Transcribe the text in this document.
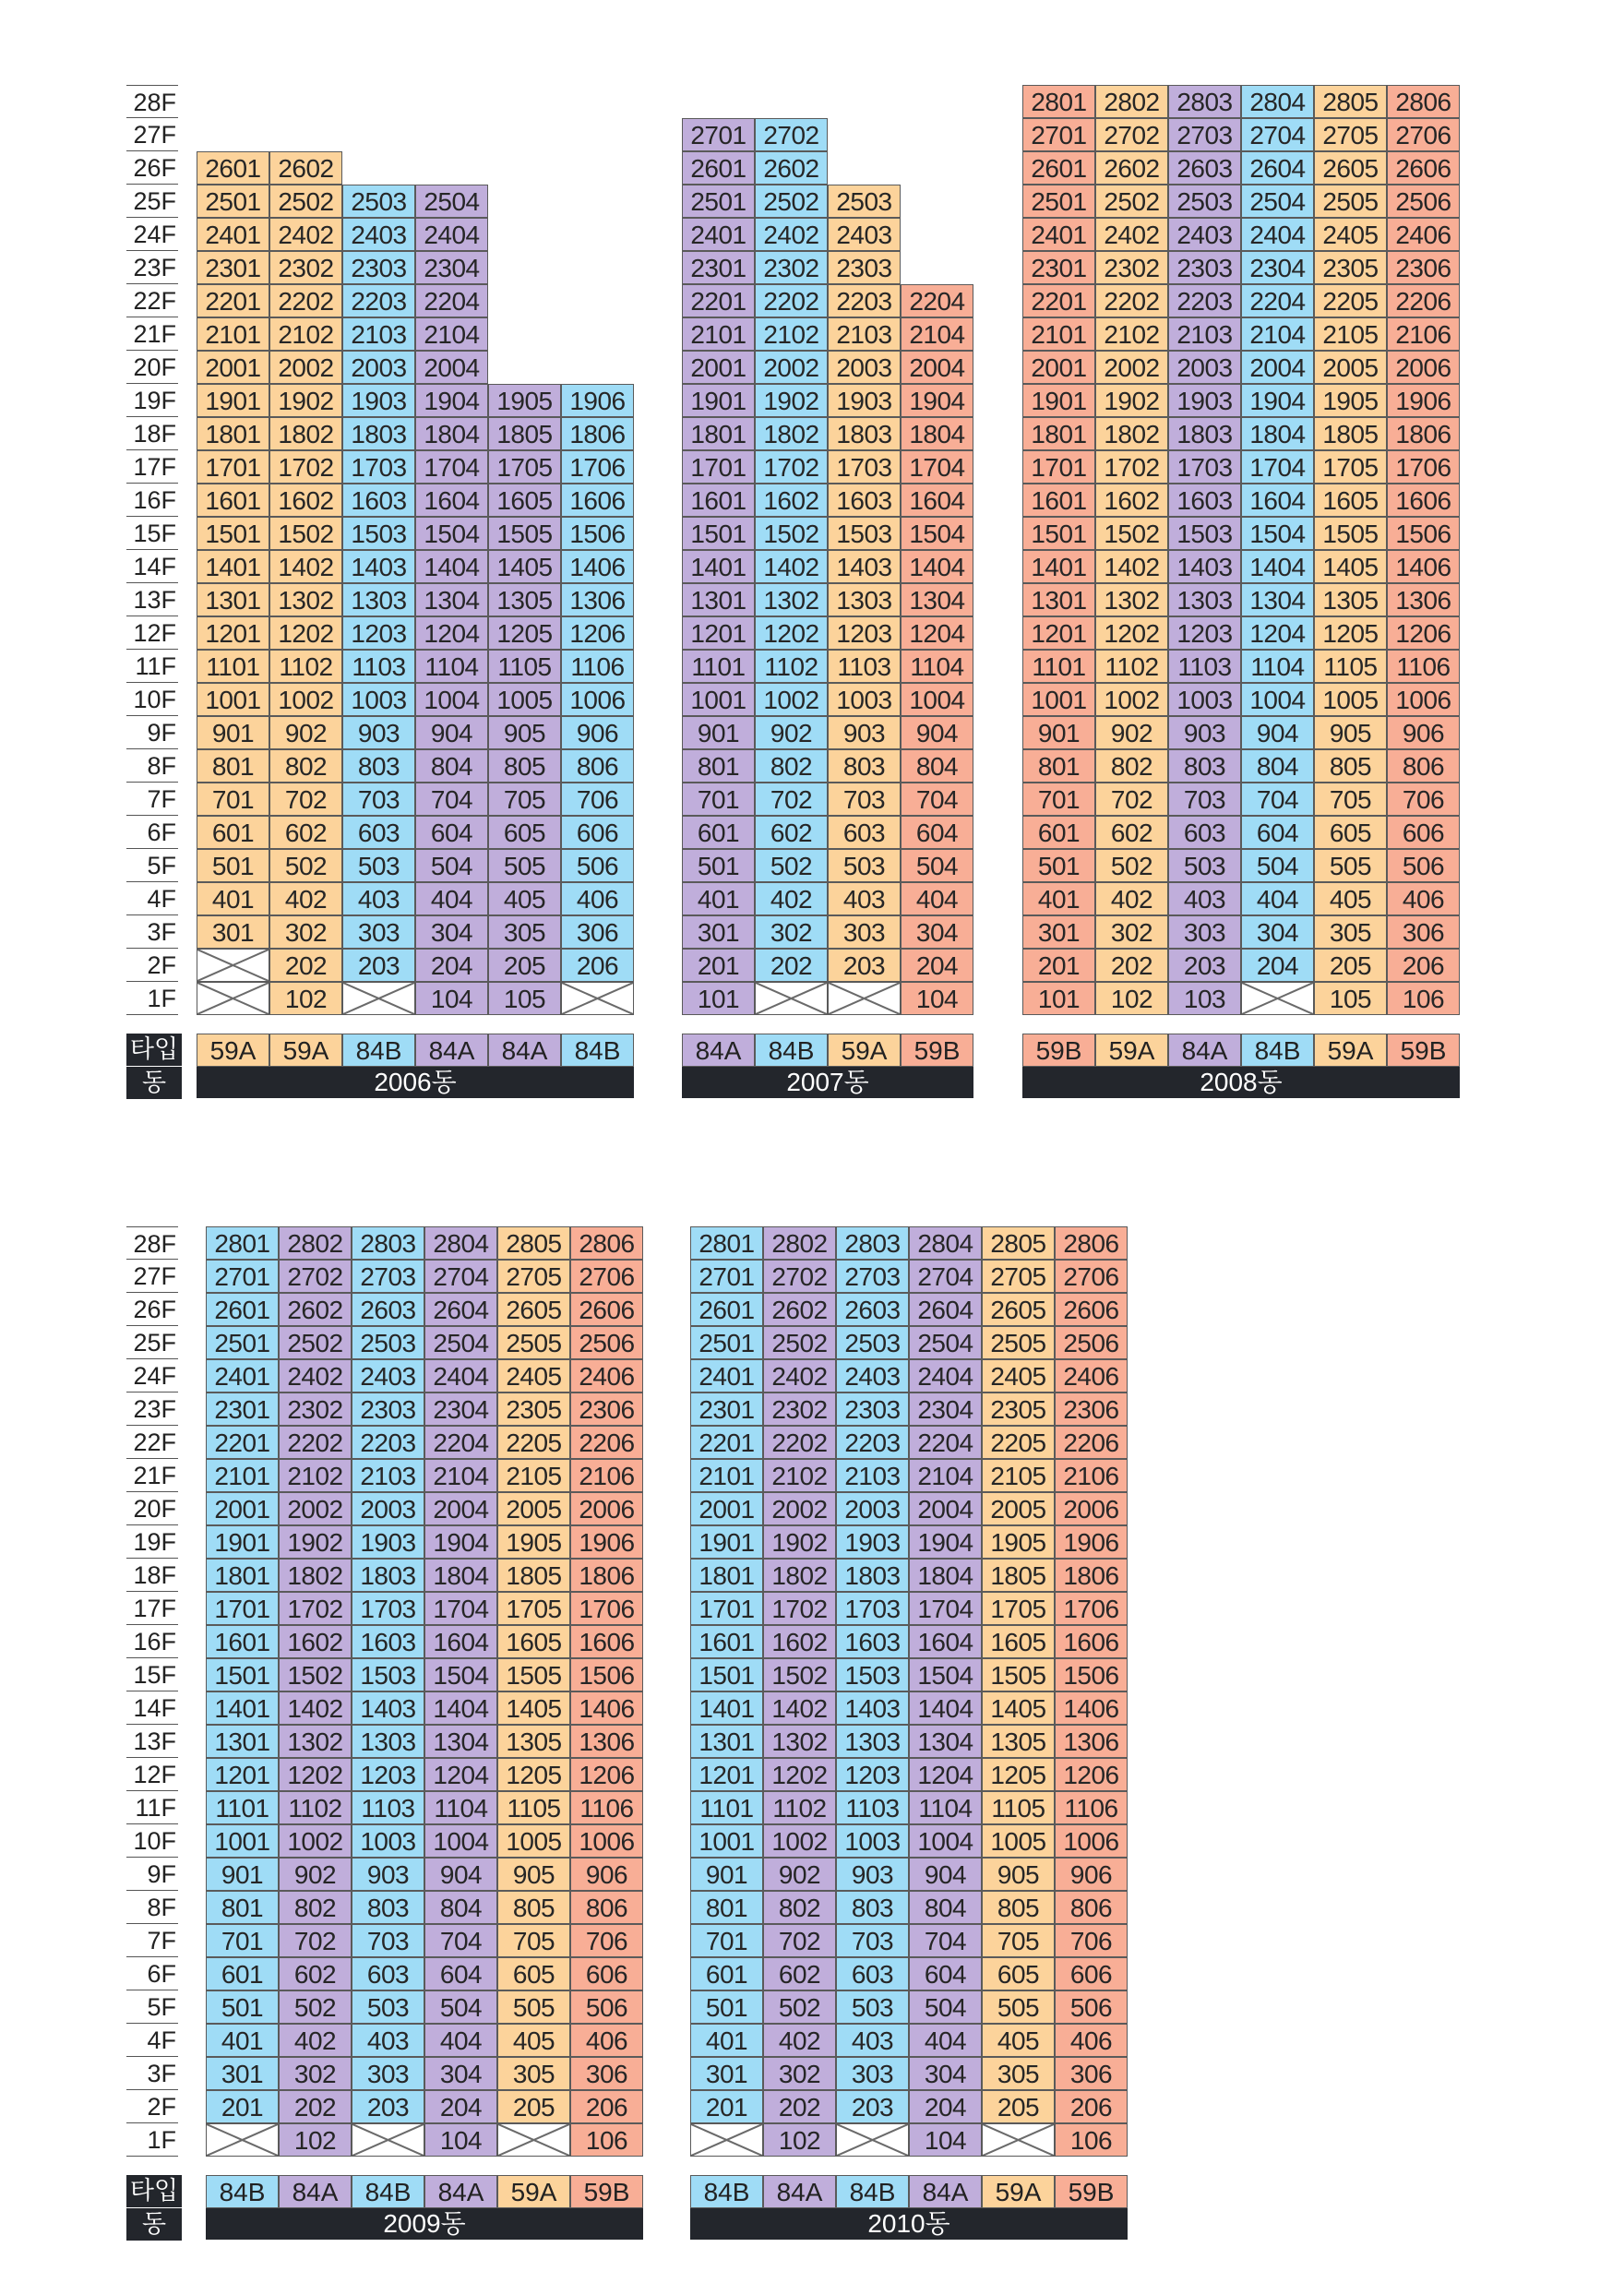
28F
27F
26F
25F
24F
23F
22F
21F
20F
19F
18F
17F
16F
15F
14F
13F
12F
11F
10F
9F
8F
7F
6F
5F
4F
3F
2F
1F
타입
동
2601
2501
2401
2301
2201
2101
2001
1901
1801
1701
1601
1501
1401
1301
1201
1101
1001
901
801
701
601
501
401
301
59A
2602
2502
2402
2302
2202
2102
2002
1902
1802
1702
1602
1502
1402
1302
1202
1102
1002
902
802
702
602
502
402
302
202
102
59A
2503
2403
2303
2203
2103
2003
1903
1803
1703
1603
1503
1403
1303
1203
1103
1003
903
803
703
603
503
403
303
203
84B
2504
2404
2304
2204
2104
2004
1904
1804
1704
1604
1504
1404
1304
1204
1104
1004
904
804
704
604
504
404
304
204
104
84A
1905
1805
1705
1605
1505
1405
1305
1205
1105
1005
905
805
705
605
505
405
305
205
105
84A
1906
1806
1706
1606
1506
1406
1306
1206
1106
1006
906
806
706
606
506
406
306
206
84B
2006동
2701
2601
2501
2401
2301
2201
2101
2001
1901
1801
1701
1601
1501
1401
1301
1201
1101
1001
901
801
701
601
501
401
301
201
101
84A
2702
2602
2502
2402
2302
2202
2102
2002
1902
1802
1702
1602
1502
1402
1302
1202
1102
1002
902
802
702
602
502
402
302
202
84B
2503
2403
2303
2203
2103
2003
1903
1803
1703
1603
1503
1403
1303
1203
1103
1003
903
803
703
603
503
403
303
203
59A
2204
2104
2004
1904
1804
1704
1604
1504
1404
1304
1204
1104
1004
904
804
704
604
504
404
304
204
104
59B
2007동
2801
2701
2601
2501
2401
2301
2201
2101
2001
1901
1801
1701
1601
1501
1401
1301
1201
1101
1001
901
801
701
601
501
401
301
201
101
59B
2802
2702
2602
2502
2402
2302
2202
2102
2002
1902
1802
1702
1602
1502
1402
1302
1202
1102
1002
902
802
702
602
502
402
302
202
102
59A
2803
2703
2603
2503
2403
2303
2203
2103
2003
1903
1803
1703
1603
1503
1403
1303
1203
1103
1003
903
803
703
603
503
403
303
203
103
84A
2804
2704
2604
2504
2404
2304
2204
2104
2004
1904
1804
1704
1604
1504
1404
1304
1204
1104
1004
904
804
704
604
504
404
304
204
84B
2805
2705
2605
2505
2405
2305
2205
2105
2005
1905
1805
1705
1605
1505
1405
1305
1205
1105
1005
905
805
705
605
505
405
305
205
105
59A
2806
2706
2606
2506
2406
2306
2206
2106
2006
1906
1806
1706
1606
1506
1406
1306
1206
1106
1006
906
806
706
606
506
406
306
206
106
59B
2008동
28F
27F
26F
25F
24F
23F
22F
21F
20F
19F
18F
17F
16F
15F
14F
13F
12F
11F
10F
9F
8F
7F
6F
5F
4F
3F
2F
1F
타입
동
2801
2701
2601
2501
2401
2301
2201
2101
2001
1901
1801
1701
1601
1501
1401
1301
1201
1101
1001
901
801
701
601
501
401
301
201
84B
2802
2702
2602
2502
2402
2302
2202
2102
2002
1902
1802
1702
1602
1502
1402
1302
1202
1102
1002
902
802
702
602
502
402
302
202
102
84A
2803
2703
2603
2503
2403
2303
2203
2103
2003
1903
1803
1703
1603
1503
1403
1303
1203
1103
1003
903
803
703
603
503
403
303
203
84B
2804
2704
2604
2504
2404
2304
2204
2104
2004
1904
1804
1704
1604
1504
1404
1304
1204
1104
1004
904
804
704
604
504
404
304
204
104
84A
2805
2705
2605
2505
2405
2305
2205
2105
2005
1905
1805
1705
1605
1505
1405
1305
1205
1105
1005
905
805
705
605
505
405
305
205
59A
2806
2706
2606
2506
2406
2306
2206
2106
2006
1906
1806
1706
1606
1506
1406
1306
1206
1106
1006
906
806
706
606
506
406
306
206
106
59B
2009동
2801
2701
2601
2501
2401
2301
2201
2101
2001
1901
1801
1701
1601
1501
1401
1301
1201
1101
1001
901
801
701
601
501
401
301
201
84B
2802
2702
2602
2502
2402
2302
2202
2102
2002
1902
1802
1702
1602
1502
1402
1302
1202
1102
1002
902
802
702
602
502
402
302
202
102
84A
2803
2703
2603
2503
2403
2303
2203
2103
2003
1903
1803
1703
1603
1503
1403
1303
1203
1103
1003
903
803
703
603
503
403
303
203
84B
2804
2704
2604
2504
2404
2304
2204
2104
2004
1904
1804
1704
1604
1504
1404
1304
1204
1104
1004
904
804
704
604
504
404
304
204
104
84A
2805
2705
2605
2505
2405
2305
2205
2105
2005
1905
1805
1705
1605
1505
1405
1305
1205
1105
1005
905
805
705
605
505
405
305
205
59A
2806
2706
2606
2506
2406
2306
2206
2106
2006
1906
1806
1706
1606
1506
1406
1306
1206
1106
1006
906
806
706
606
506
406
306
206
106
59B
2010동
